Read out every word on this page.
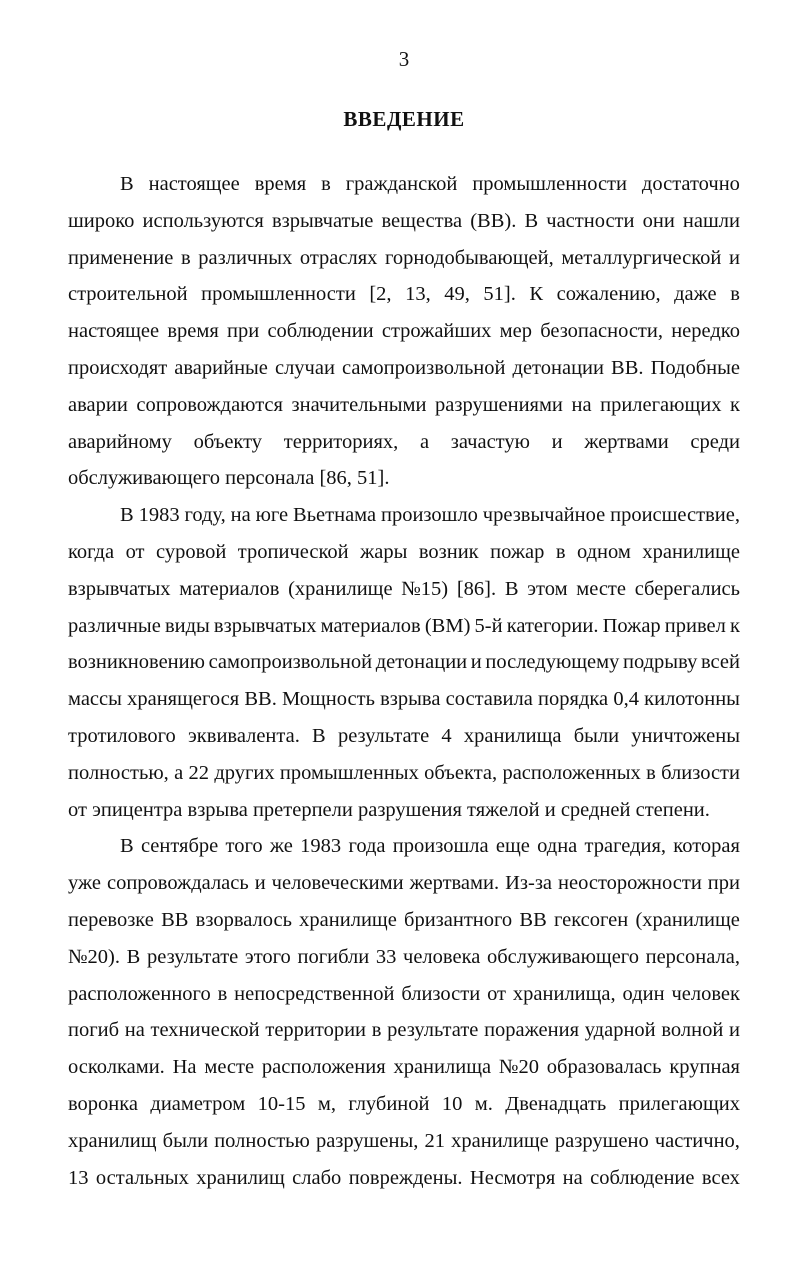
3
ВВЕДЕНИЕ
В настоящее время в гражданской промышленности достаточно
широко используются взрывчатые вещества (ВВ). В частности они нашли
применение в различных отраслях горнодобывающей, металлургической и
строительной промышленности [2, 13, 49, 51]. К сожалению, даже в
настоящее время при соблюдении строжайших мер безопасности, нередко
происходят аварийные случаи самопроизвольной детонации ВВ. Подобные
аварии сопровождаются значительными разрушениями на прилегающих к
аварийному объекту территориях, а зачастую и жертвами среди
обслуживающего персонала [86, 51].
В 1983 году, на юге Вьетнама произошло чрезвычайное происшествие,
когда от суровой тропической жары возник пожар в одном хранилище
взрывчатых материалов (хранилище №15) [86]. В этом месте сберегались
различные виды взрывчатых материалов (ВМ) 5-й категории. Пожар привел к
возникновению самопроизвольной детонации и последующему подрыву всей
массы хранящегося ВВ. Мощность взрыва составила порядка 0,4 килотонны
тротилового эквивалента. В результате 4 хранилища были уничтожены
полностью, а 22 других промышленных объекта, расположенных в близости
от эпицентра взрыва претерпели разрушения тяжелой и средней степени.
В сентябре того же 1983 года произошла еще одна трагедия, которая
уже сопровождалась и человеческими жертвами. Из-за неосторожности при
перевозке ВВ взорвалось хранилище бризантного ВВ гексоген (хранилище
№20). В результате этого погибли 33 человека обслуживающего персонала,
расположенного в непосредственной близости от хранилища, один человек
погиб на технической территории в результате поражения ударной волной и
осколками. На месте расположения хранилища №20 образовалась крупная
воронка диаметром 10-15 м, глубиной 10 м. Двенадцать прилегающих
хранилищ были полностью разрушены, 21 хранилище разрушено частично,
13 остальных хранилищ слабо повреждены. Несмотря на соблюдение всех
